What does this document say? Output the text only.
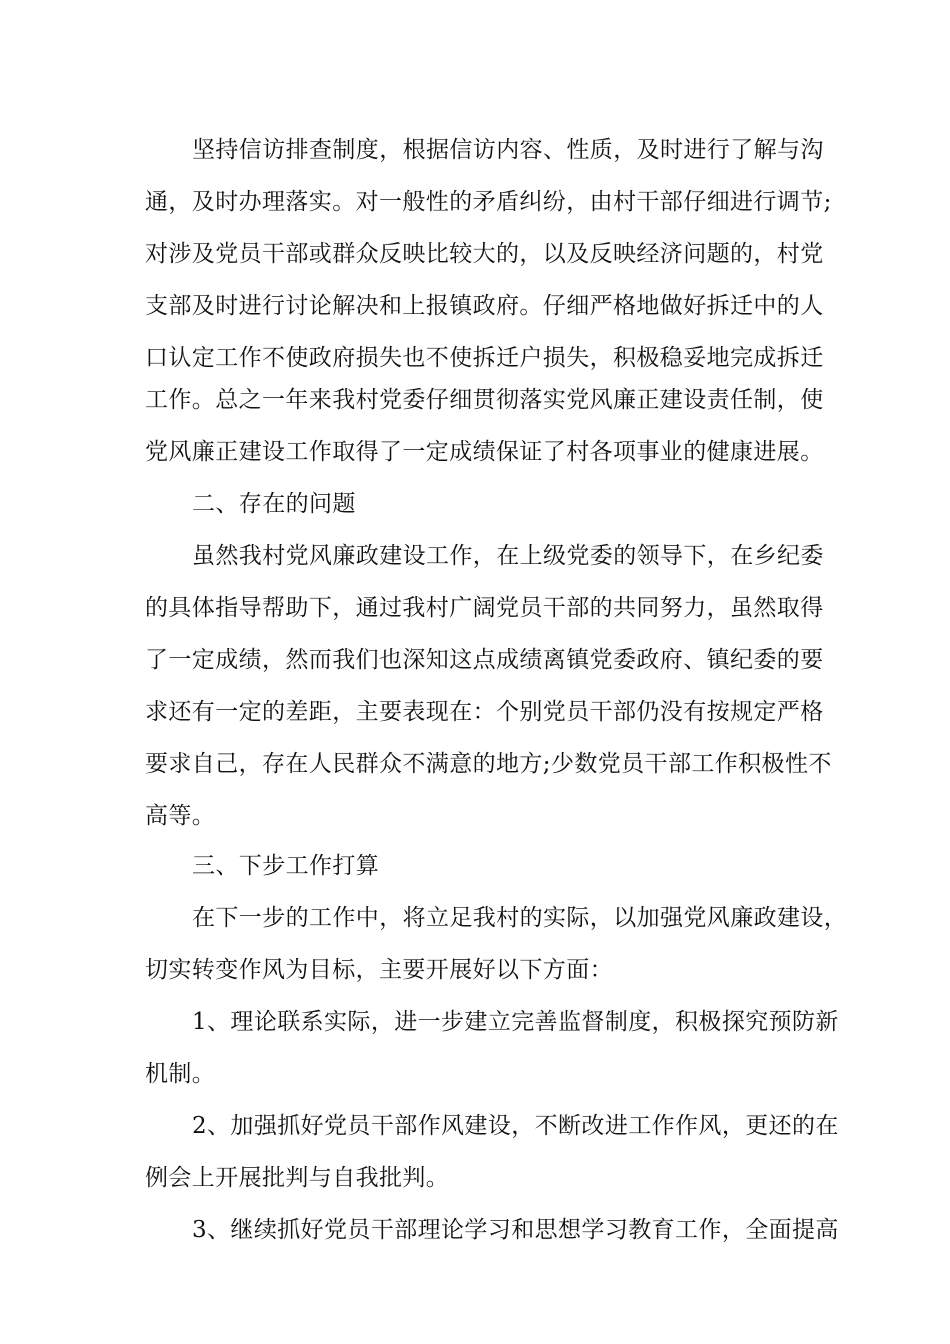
坚持信访排查制度，根据信访内容、性质，及时进行了解与沟
通，及时办理落实。对一般性的矛盾纠纷，由村干部仔细进行调节;
对涉及党员干部或群众反映比较大的，以及反映经济问题的，村党
支部及时进行讨论解决和上报镇政府。仔细严格地做好拆迁中的人
口认定工作不使政府损失也不使拆迁户损失，积极稳妥地完成拆迁
工作。总之一年来我村党委仔细贯彻落实党风廉正建设责任制，使
党风廉正建设工作取得了一定成绩保证了村各项事业的健康进展。
二、存在的问题
虽然我村党风廉政建设工作，在上级党委的领导下，在乡纪委
的具体指导帮助下，通过我村广阔党员干部的共同努力，虽然取得
了一定成绩，然而我们也深知这点成绩离镇党委政府、镇纪委的要
求还有一定的差距，主要表现在：个别党员干部仍没有按规定严格
要求自己，存在人民群众不满意的地方;少数党员干部工作积极性不
高等。
三、下步工作打算
在下一步的工作中，将立足我村的实际，以加强党风廉政建设，
切实转变作风为目标，主要开展好以下方面：
1、理论联系实际，进一步建立完善监督制度，积极探究预防新
机制。
2、加强抓好党员干部作风建设，不断改进工作作风，更还的在
例会上开展批判与自我批判。
3、继续抓好党员干部理论学习和思想学习教育工作，全面提高
